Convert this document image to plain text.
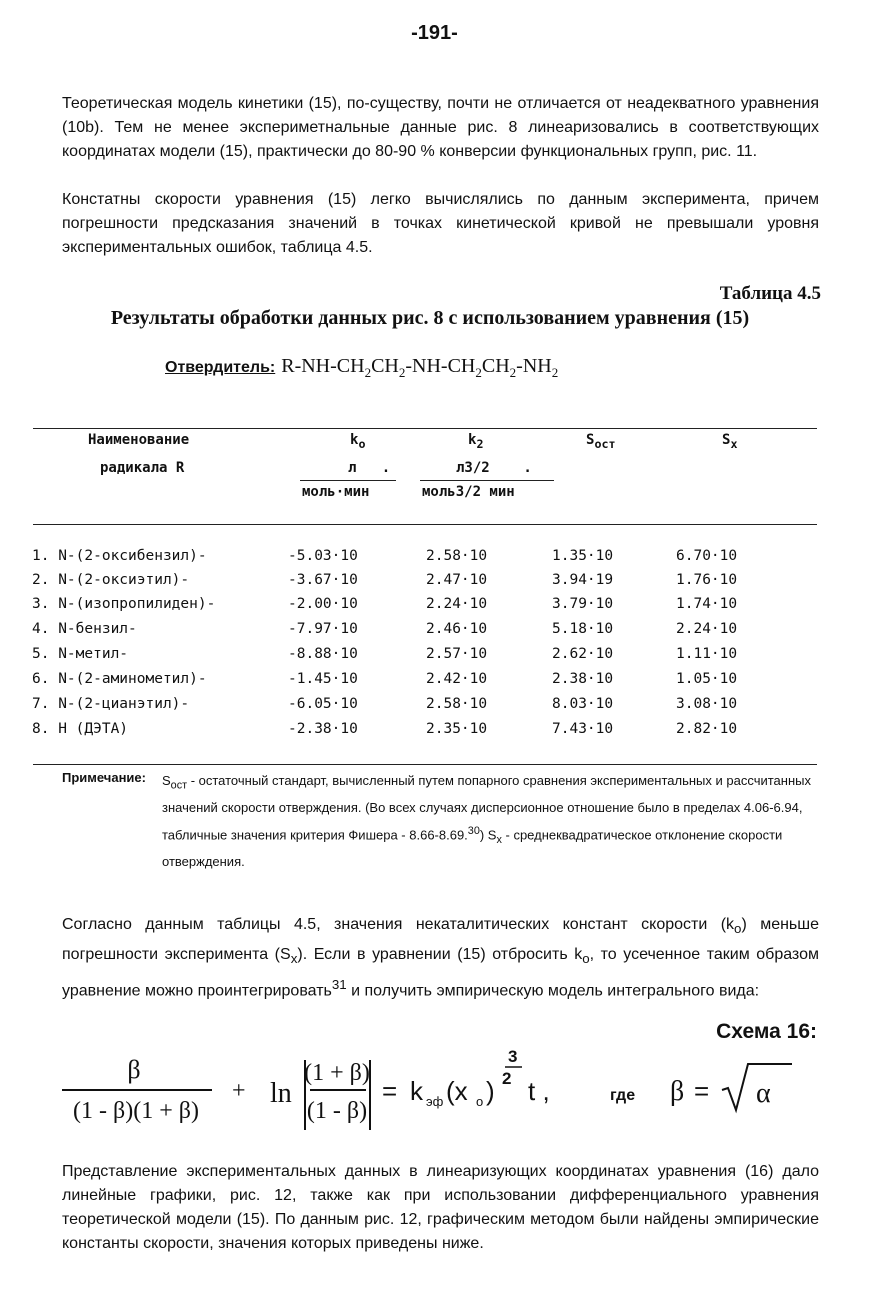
-191-

Теоретическая модель кинетики (15), по-существу, почти не отличается от неадекватного уравнения (10b). Тем не менее экспериметнальные данные рис. 8 линеаризовались в соответствующих координатах модели (15), практически до 80-90 % конверсии функциональных групп, рис. 11.

Констатны скорости уравнения (15) легко вычислялись по данным эксперимента, причем погрешности предсказания значений в точках кинетической кривой не превышали уровня экспериментальных ошибок, таблица 4.5.

Таблица 4.5
Результаты обработки данных рис. 8 с использованием уравнения (15)
Отвердитель: $R-NH-CH_2CH_2-NH-CH_2CH_2-NH_2$
Наименование
радикала R
$k_o$
л   .
моль·мин
$k_2$
л3/2    .
моль3/2 мин
$S_{ост}$	$S_x$
1. N-(2-оксибензил)-	-5.03·10	2.58·10	1.35·10	6.70·10
2. N-(2-оксиэтил)-	-3.67·10	2.47·10	3.94·19	1.76·10
3. N-(изопропилиден)-	-2.00·10	2.24·10	3.79·10	1.74·10
4. N-бензил-	-7.97·10	2.46·10	5.18·10	2.24·10
5. N-метил-	-8.88·10	2.57·10	2.62·10	1.11·10
6. N-(2-аминометил)-	-1.45·10	2.42·10	2.38·10	1.05·10
7. N-(2-цианэтил)-	-6.05·10	2.58·10	8.03·10	3.08·10
8. Н (ДЭТА)	-2.38·10	2.35·10	7.43·10	2.82·10
Примечание: $S_{ост}$ - остаточный стандарт, вычисленный путем попарного сравнения экспериментальных и рассчитанных значений скорости отверждения. (Во всех случаях дисперсионное отношение было в пределах 4.06-6.94, табличные значения критерия Фишера - 8.66-8.69.30) $S_x$ - среднеквадратическое отклонение скорости отверждения.

Согласно данным таблицы 4.5, значения некаталитических констант скорости $(k_o)$ меньше погрешности эксперимента $(S_x)$. Если в уравнении (15) отбросить $k_o$, то усеченное таким образом уравнение можно проинтегрировать$^{31}$ и получить эмпирическую модель интегрального вида:

Схема 16:
β
(1 - β)(1 + β)
+ ln
(1 + β)
(1 - β)
= k эф (x o )
3
2 t ,	где β = α

Представление экспериментальных данных в линеаризующих координатах уравнения (16) дало линейные графики, рис. 12, также как при использовании дифференциального уравнения теоретической модели (15). По данным рис. 12, графическим методом были найдены эмпирические константы скорости, значения которых приведены ниже.
